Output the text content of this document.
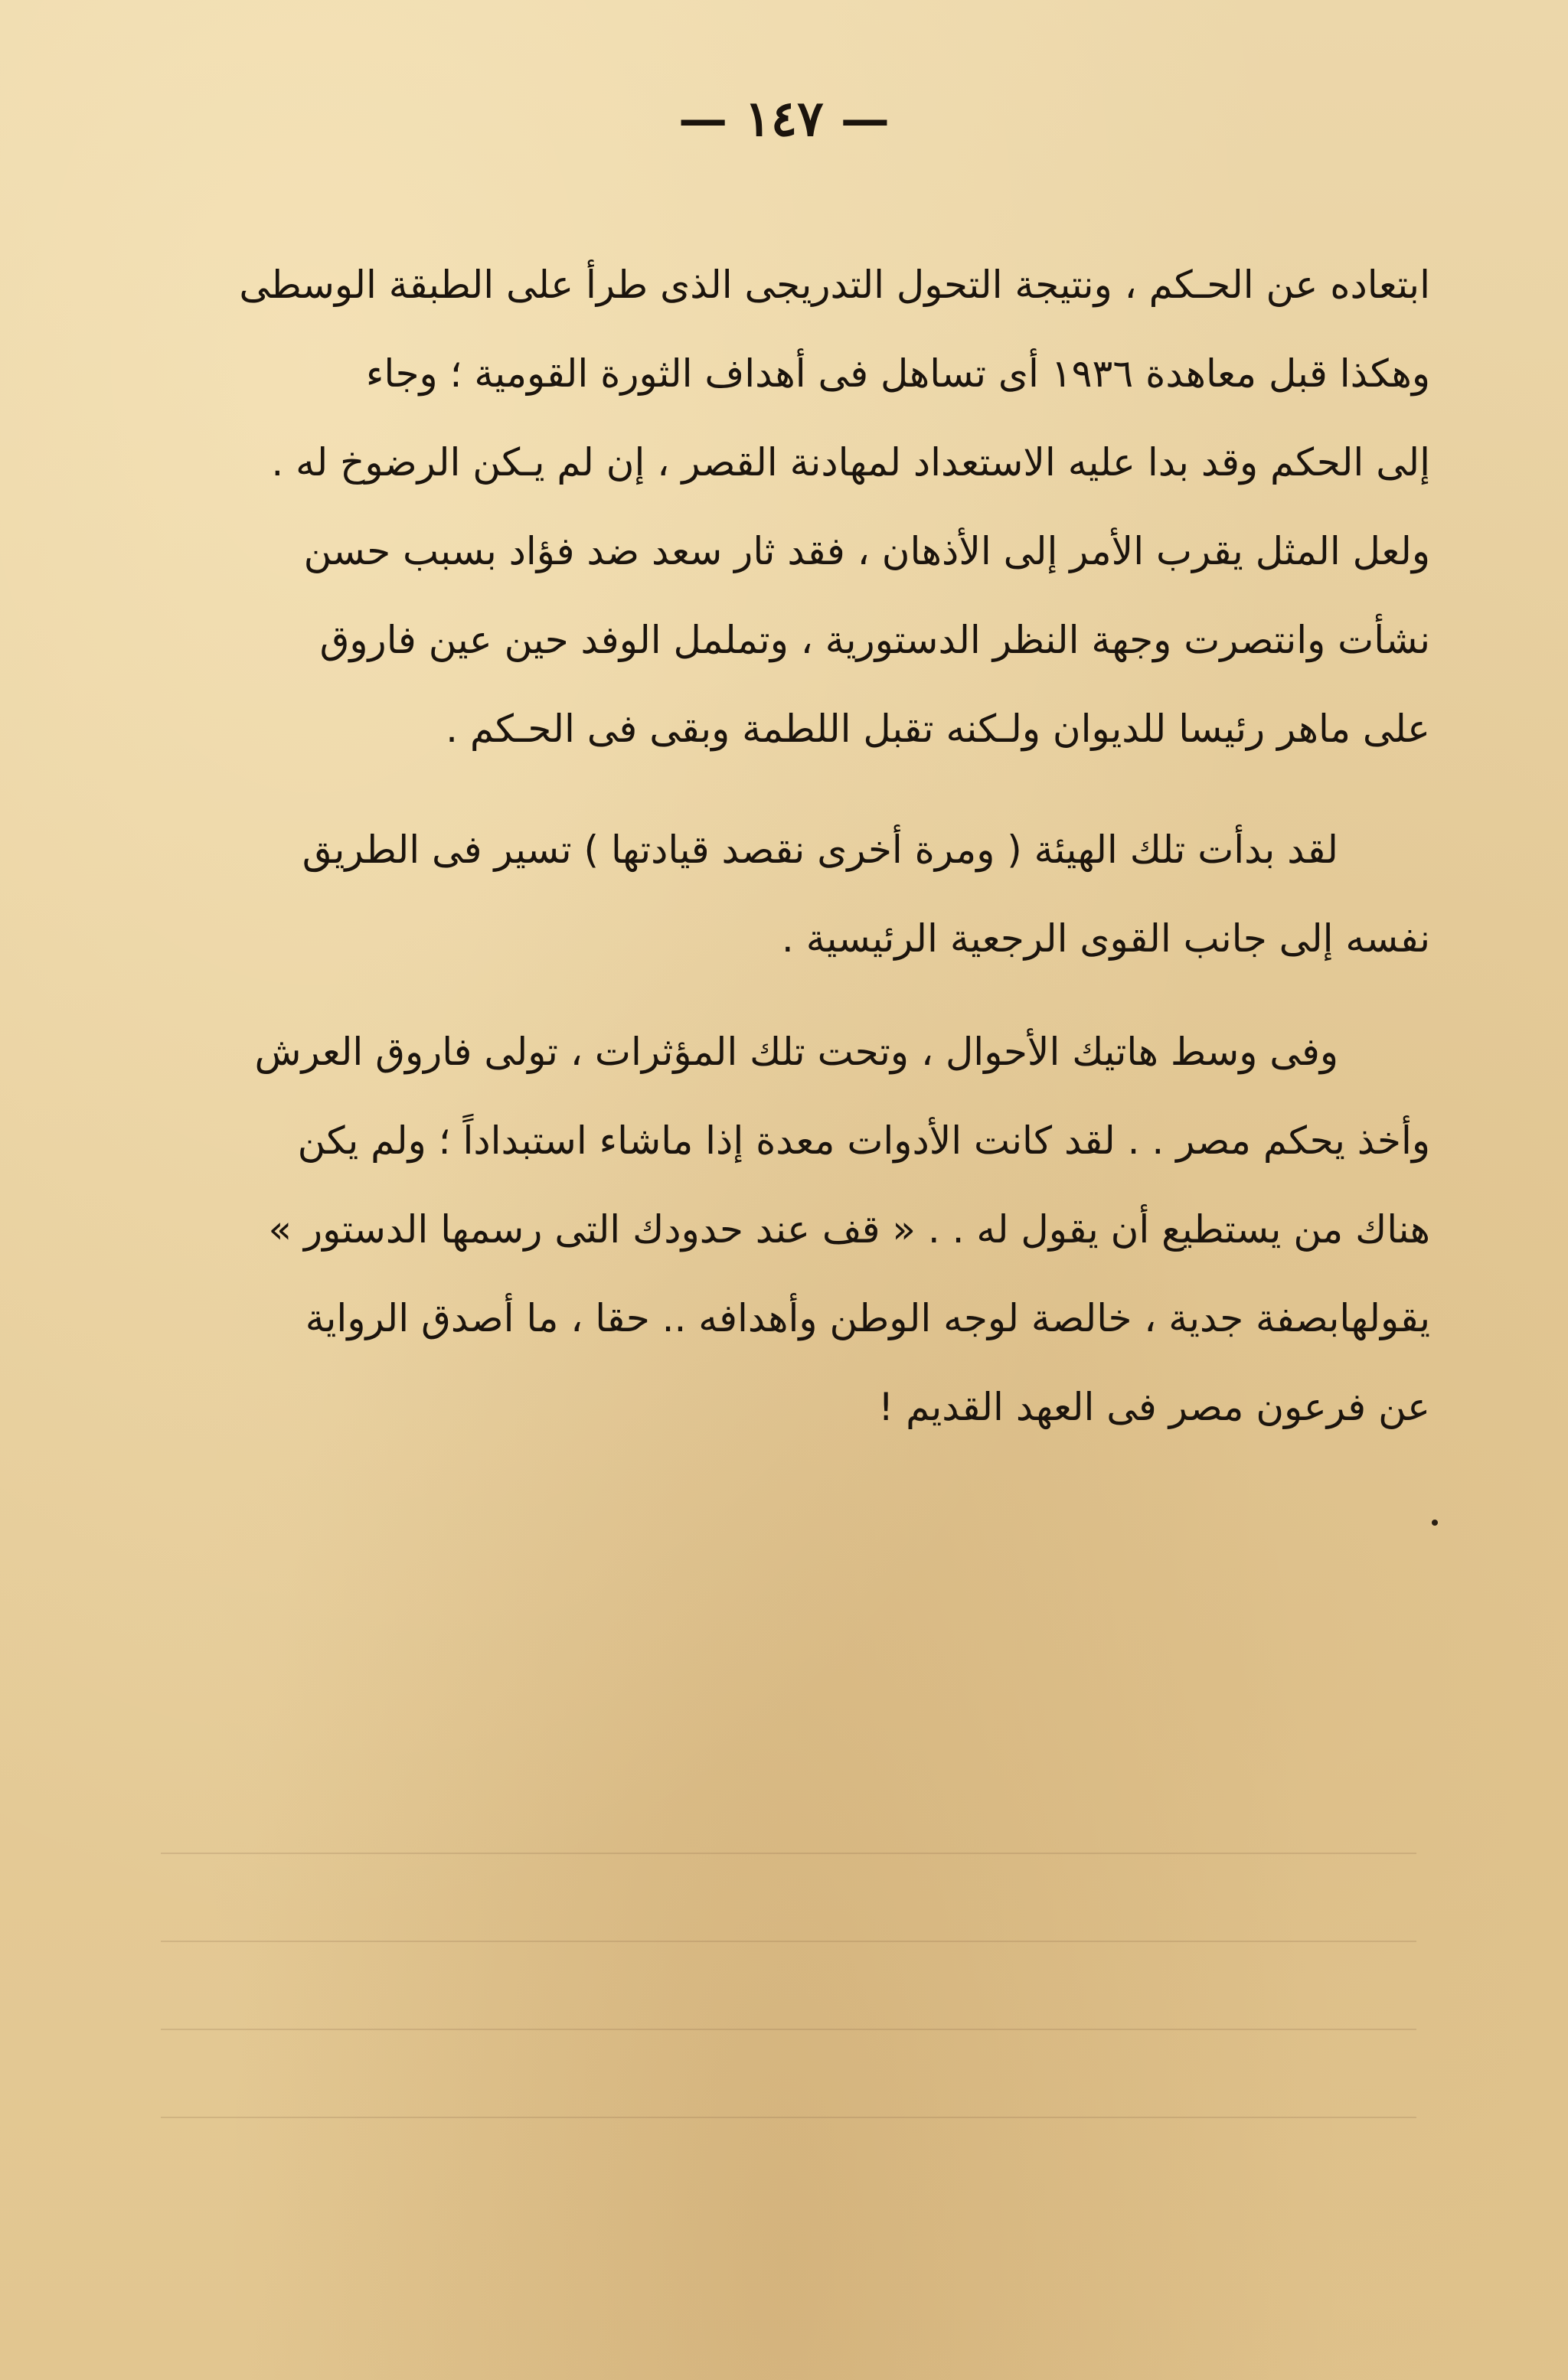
— ١٤٧ —
ابتعاده عن الحـكم ، ونتيجة التحول التدريجى الذى طرأ على الطبقة الوسطى
وهكذا قبل معاهدة ١٩٣٦ أى تساهل فى أهداف الثورة القومية ؛ وجاء
إلى الحكم وقد بدا عليه الاستعداد لمهادنة القصر ، إن لم يـكن الرضوخ له .
ولعل المثل يقرب الأمر إلى الأذهان ، فقد ثار سعد ضد فؤاد بسبب حسن
نشأت وانتصرت وجهة النظر الدستورية ، وتململ الوفد حين عين فاروق
على ماهر رئيسا للديوان ولـكنه تقبل اللطمة وبقى فى الحـكم .
لقد بدأت تلك الهيئة ( ومرة أخرى نقصد قيادتها ) تسير فى الطريق
نفسه إلى جانب القوى الرجعية الرئيسية .
وفى وسط هاتيك الأحوال ، وتحت تلك المؤثرات ، تولى فاروق العرش
وأخذ يحكم مصر . . لقد كانت الأدوات معدة إذا ماشاء استبداداً ؛ ولم يكن
هناك من يستطيع أن يقول له . . « قف عند حدودك التى رسمها الدستور »
يقولهابصفة جدية ، خالصة لوجه الوطن وأهدافه .. حقا ، ما أصدق الرواية
عن فرعون مصر فى العهد القديم !
